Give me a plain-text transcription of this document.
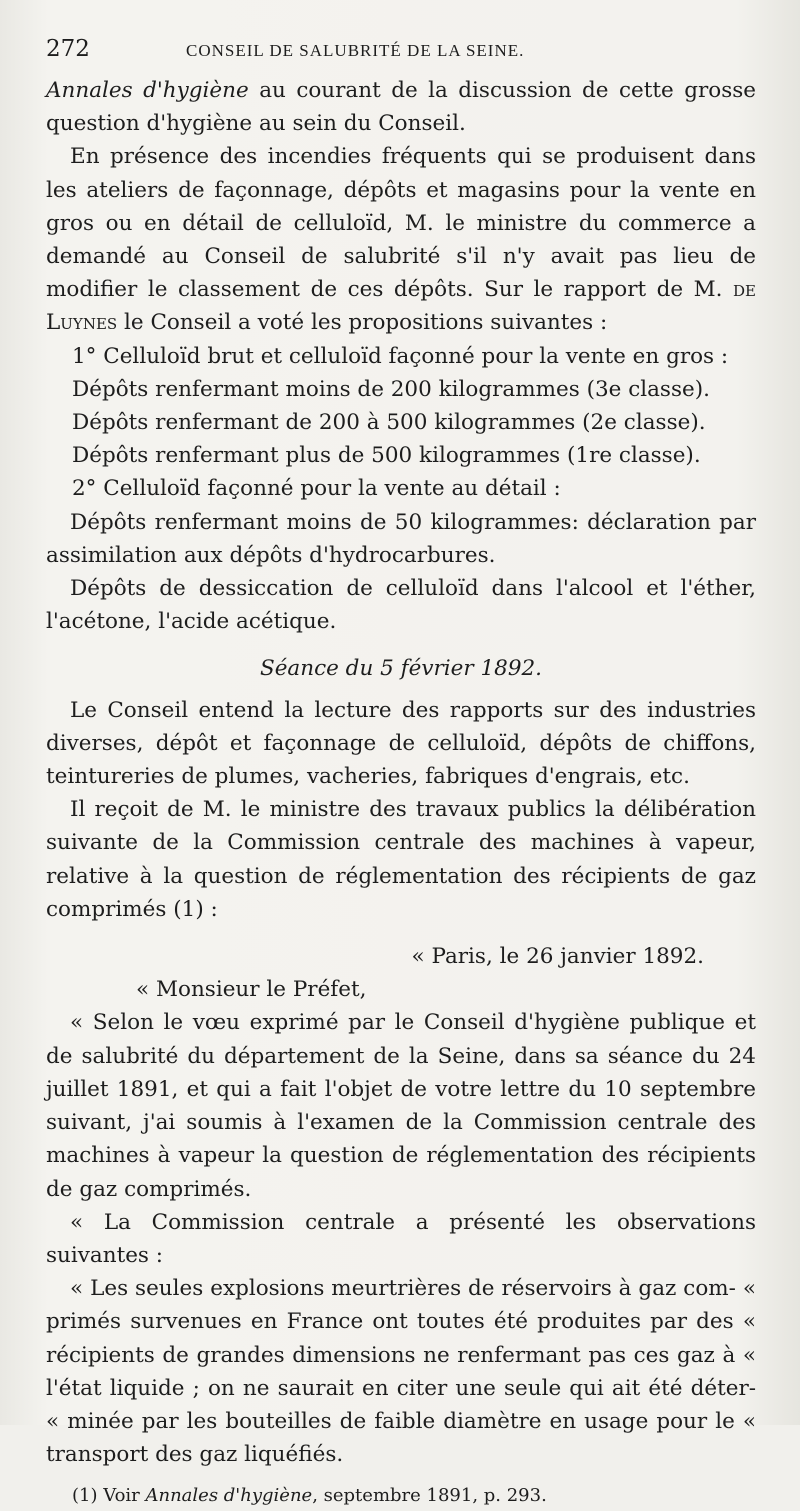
272	CONSEIL DE SALUBRITÉ DE LA SEINE.

Annales d'hygiène au courant de la discussion de cette grosse question d'hygiène au sein du Conseil.

En présence des incendies fréquents qui se produisent dans les ateliers de façonnage, dépôts et magasins pour la vente en gros ou en détail de celluloïd, M. le ministre du commerce a demandé au Conseil de salubrité s'il n'y avait pas lieu de modifier le classement de ces dépôts. Sur le rapport de M. de Luynes le Conseil a voté les propositions suivantes :

1° Celluloïd brut et celluloïd façonné pour la vente en gros :

Dépôts renfermant moins de 200 kilogrammes (3e classe).

Dépôts renfermant de 200 à 500 kilogrammes (2e classe).

Dépôts renfermant plus de 500 kilogrammes (1re classe).

2° Celluloïd façonné pour la vente au détail :

Dépôts renfermant moins de 50 kilogrammes: déclaration par assimilation aux dépôts d'hydrocarbures.

Dépôts de dessiccation de celluloïd dans l'alcool et l'éther, l'acétone, l'acide acétique.

Séance du 5 février 1892.

Le Conseil entend la lecture des rapports sur des industries diverses, dépôt et façonnage de celluloïd, dépôts de chiffons, teintureries de plumes, vacheries, fabriques d'engrais, etc.

Il reçoit de M. le ministre des travaux publics la délibération suivante de la Commission centrale des machines à vapeur, relative à la question de réglementation des récipients de gaz comprimés (1) :

« Paris, le 26 janvier 1892.

« Monsieur le Préfet,

« Selon le vœu exprimé par le Conseil d'hygiène publique et de salubrité du département de la Seine, dans sa séance du 24 juillet 1891, et qui a fait l'objet de votre lettre du 10 septembre suivant, j'ai soumis à l'examen de la Commission centrale des machines à vapeur la question de réglementation des récipients de gaz comprimés.

« La Commission centrale a présenté les observations suivantes :

« Les seules explosions meurtrières de réservoirs à gaz com- « primés survenues en France ont toutes été produites par des « récipients de grandes dimensions ne renfermant pas ces gaz à « l'état liquide ; on ne saurait en citer une seule qui ait été déter- « minée par les bouteilles de faible diamètre en usage pour le « transport des gaz liquéfiés.

(1) Voir Annales d'hygiène, septembre 1891, p. 293.
